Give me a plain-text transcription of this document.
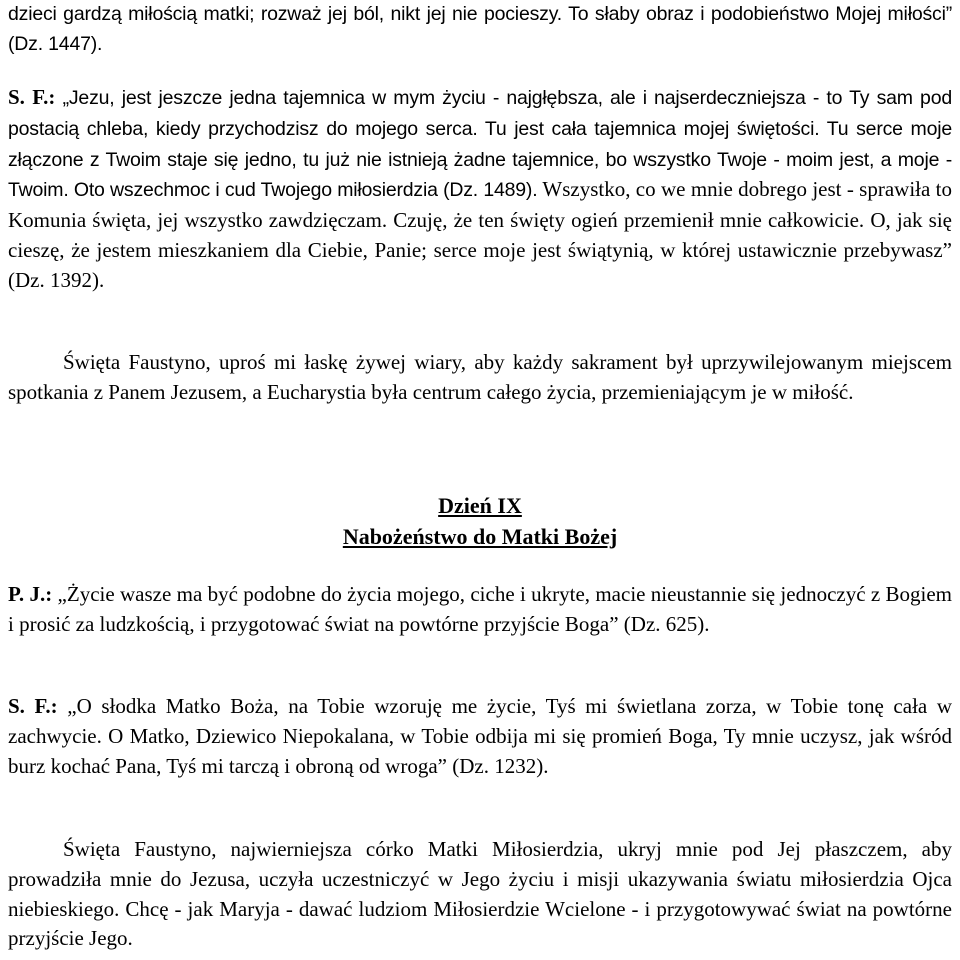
dzieci gardzą miłością matki; rozważ jej ból, nikt jej nie pocieszy. To słaby obraz i podobieństwo Mojej miłości” (Dz. 1447).

S. F.: „Jezu, jest jeszcze jedna tajemnica w mym życiu - najgłębsza, ale i najserdeczniejsza - to Ty sam pod postacią chleba, kiedy przychodzisz do mojego serca. Tu jest cała tajemnica mojej świętości. Tu serce moje złączone z Twoim staje się jedno, tu już nie istnieją żadne tajemnice, bo wszystko Twoje - moim jest, a moje - Twoim. Oto wszechmoc i cud Twojego miłosierdzia (Dz. 1489). Wszystko, co we mnie dobrego jest - sprawiła to Komunia święta, jej wszystko zawdzięczam. Czuję, że ten święty ogień przemienił mnie całkowicie. O, jak się cieszę, że jestem mieszkaniem dla Ciebie, Panie; serce moje jest świątynią, w której ustawicznie przebywasz” (Dz. 1392).

Święta Faustyno, uproś mi łaskę żywej wiary, aby każdy sakrament był uprzywilejowanym miejscem spotkania z Panem Jezusem, a Eucharystia była centrum całego życia, przemieniającym je w miłość.

Dzień IX
Nabożeństwo do Matki Bożej

P. J.: „Życie wasze ma być podobne do życia mojego, ciche i ukryte, macie nieustannie się jednoczyć z Bogiem i prosić za ludzkością, i przygotować świat na powtórne przyjście Boga” (Dz. 625).

S. F.: „O słodka Matko Boża, na Tobie wzoruję me życie, Tyś mi świetlana zorza, w Tobie tonę cała w zachwycie. O Matko, Dziewico Niepokalana, w Tobie odbija mi się promień Boga, Ty mnie uczysz, jak wśród burz kochać Pana, Tyś mi tarczą i obroną od wroga” (Dz. 1232).

Święta Faustyno, najwierniejsza córko Matki Miłosierdzia, ukryj mnie pod Jej płaszczem, aby prowadziła mnie do Jezusa, uczyła uczestniczyć w Jego życiu i misji ukazywania światu miłosierdzia Ojca niebieskiego. Chcę - jak Maryja - dawać ludziom Miłosierdzie Wcielone - i przygotowywać świat na powtórne przyjście Jego.
